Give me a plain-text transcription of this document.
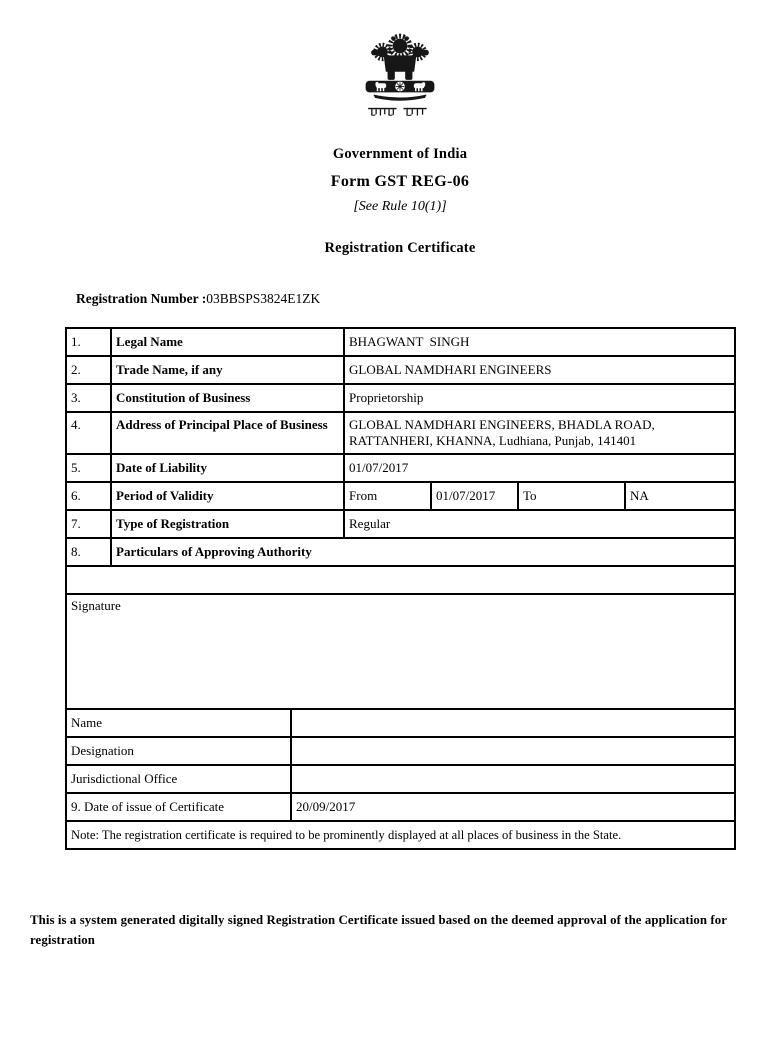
Government of India
Form GST REG-06
[See Rule 10(1)]
Registration Certificate
Registration Number :03BBSPS3824E1ZK
1.	Legal Name		BHAGWANT  SINGH			
2.	Trade Name, if any		GLOBAL NAMDHARI ENGINEERS			
3.	Constitution of Business		Proprietorship			
4.	Address of Principal Place of Business		GLOBAL NAMDHARI ENGINEERS, BHADLA ROAD, RATTANHERI, KHANNA, Ludhiana, Punjab, 141401			
5.	Date of Liability		01/07/2017			
6.	Period of Validity		From	01/07/2017	To	NA
7.	Type of Registration		Regular			
8.	Particulars of Approving Authority					

Signature						
Name						
Designation						
Jurisdictional Office						
9. Date of issue of Certificate		20/09/2017				
Note: The registration certificate is required to be prominently displayed at all places of business in the State.						
This is a system generated digitally signed Registration Certificate issued based on the deemed approval of the application for
registration
